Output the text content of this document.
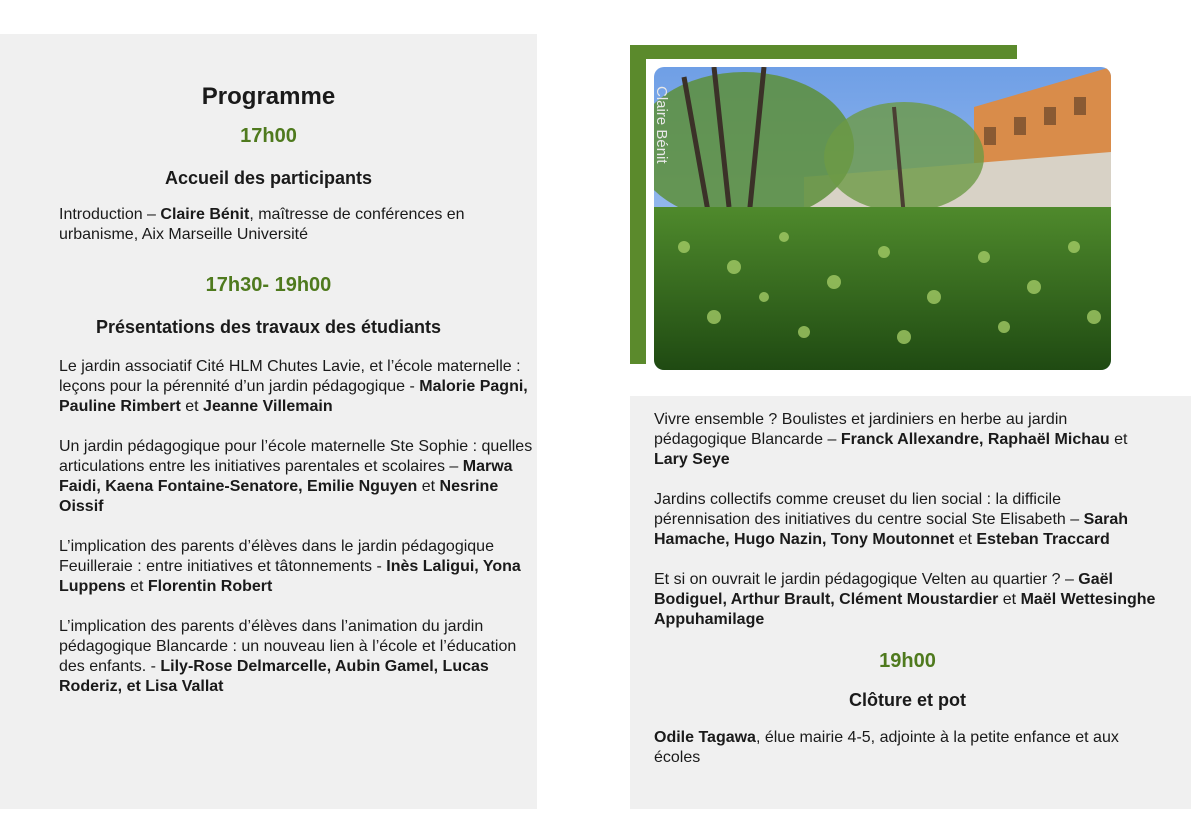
Programme
17h00
Accueil des participants

Introduction – Claire Bénit, maîtresse de conférences en urbanisme, Aix Marseille Université

17h30- 19h00
Présentations des travaux des étudiants

Le jardin associatif Cité HLM Chutes Lavie, et l’école maternelle : leçons pour la pérennité d’un jardin pédagogique - Malorie Pagni, Pauline Rimbert et Jeanne Villemain

Un jardin pédagogique pour l’école maternelle Ste Sophie : quelles articulations entre les initiatives parentales et scolaires – Marwa Faidi, Kaena Fontaine-Senatore, Emilie Nguyen et Nesrine Oissif

L’implication des parents d’élèves dans le jardin pédagogique Feuilleraie : entre initiatives et tâtonnements - Inès Laligui, Yona Luppens et Florentin Robert

L’implication des parents d’élèves dans l’animation du jardin pédagogique Blancarde : un nouveau lien à l’école et l’éducation des enfants. - Lily-Rose Delmarcelle, Aubin Gamel, Lucas Roderiz, et Lisa Vallat

Claire Bénit

Vivre ensemble ? Boulistes et jardiniers en herbe au jardin pédagogique Blancarde – Franck Allexandre, Raphaël Michau et Lary Seye

Jardins collectifs comme creuset du lien social : la difficile pérennisation des initiatives du centre social Ste Elisabeth – Sarah Hamache, Hugo Nazin, Tony Moutonnet et Esteban Traccard

Et si on ouvrait le jardin pédagogique Velten au quartier ? – Gaël Bodiguel, Arthur Brault, Clément Moustardier et Maël Wettesinghe Appuhamilage

19h00
Clôture et pot

Odile Tagawa, élue mairie 4-5, adjointe à la petite enfance et aux écoles
